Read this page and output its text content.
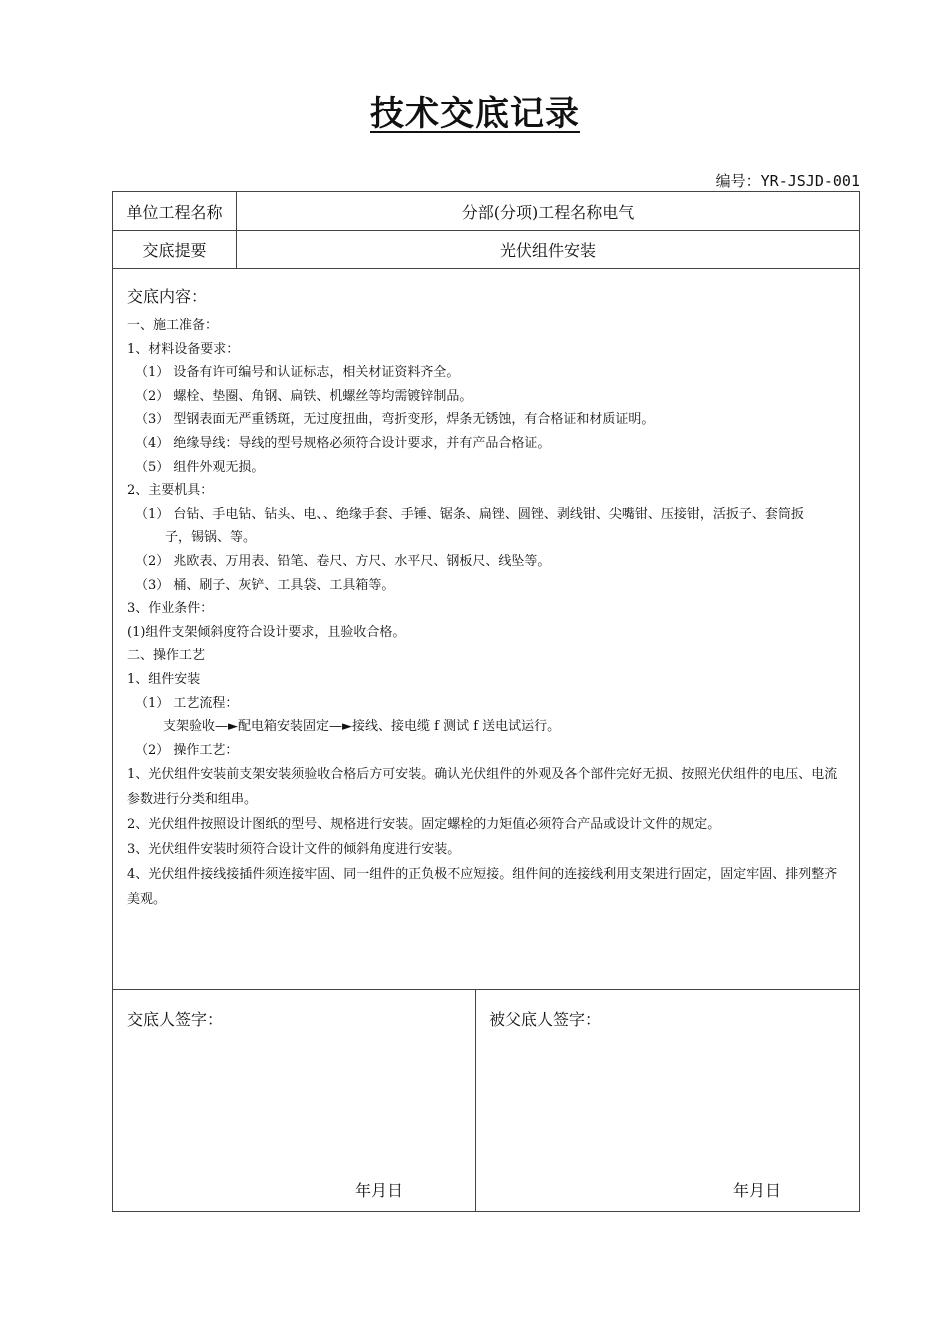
技术交底记录
编号：YR-JSJD-001
单位工程名称	分部(分项)工程名称电气
交底提要	光伏组件安装
交底内容：
一、施工准备：
1、材料设备要求：
（1） 设备有许可编号和认证标志，相关材证资料齐全。
（2） 螺栓、垫圈、角钢、扁铁、机螺丝等均需镀锌制品。
（3） 型钢表面无严重锈斑，无过度扭曲，弯折变形，焊条无锈蚀，有合格证和材质证明。
（4） 绝缘导线：导线的型号规格必须符合设计要求，并有产品合格证。
（5） 组件外观无损。
2、主要机具：
（1） 台钻、手电钻、钻头、电、、绝缘手套、手锤、锯条、扁锉、圆锉、剥线钳、尖嘴钳、压接钳，活扳子、套筒扳
子，锡锅、等。
（2） 兆欧表、万用表、铅笔、卷尺、方尺、水平尺、钢板尺、线坠等。
（3） 桶、刷子、灰铲、工具袋、工具箱等。
3、作业条件：
(1)组件支架倾斜度符合设计要求，且验收合格。
二、操作工艺
1、组件安装
（1） 工艺流程：
支架验收—►配电箱安装固定—►接线、接电缆 f 测试 f 送电试运行。
（2） 操作工艺：
1、光伏组件安装前支架安装须验收合格后方可安装。确认光伏组件的外观及各个部件完好无损、按照光伏组件的电压、电流参数进行分类和组串。
2、光伏组件按照设计图纸的型号、规格进行安装。固定螺栓的力矩值必须符合产品或设计文件的规定。
3、光伏组件安装时须符合设计文件的倾斜角度进行安装。
4、光伏组件接线接插件须连接牢固、同一组件的正负极不应短接。组件间的连接线利用支架进行固定，固定牢固、排列整齐美观。
交底人签字：
年月日
被父底人签字：
年月日
